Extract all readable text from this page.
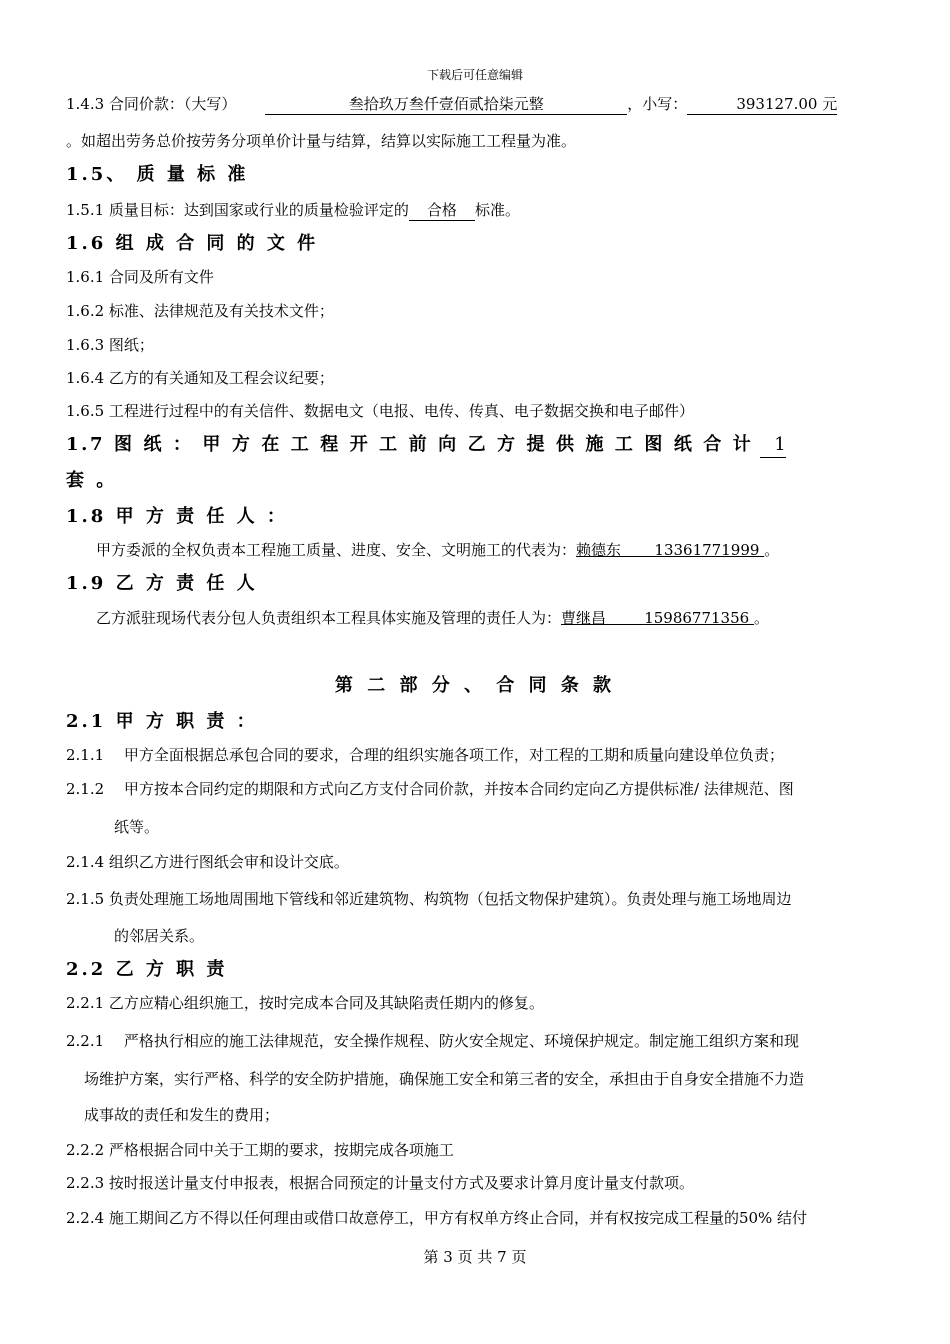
下载后可任意编辑
1.4.3 合同价款：（大写）	叁拾玖万叁仟壹佰贰拾柒元整	，小写：	393127.00 元
。如超出劳务总价按劳务分项单价计量与结算，结算以实际施工工程量为准。
1.5、 质 量 标 准
1.5.1 质量目标：达到国家或行业的质量检验评定的 合格 标准。
1.6 组 成 合 同 的 文 件
1.6.1 合同及所有文件
1.6.2 标准、法律规范及有关技术文件；
1.6.3 图纸；
1.6.4 乙方的有关通知及工程会议纪要；
1.6.5 工程进行过程中的有关信件、数据电文（电报、电传、传真、电子数据交换和电子邮件）
1.7 图 纸 ： 甲 方 在 工 程 开 工 前 向 乙 方 提 供 施 工 图 纸 合 计 1
套 。
1.8 甲 方 责 任 人 ：
甲方委派的全权负责本工程施工质量、进度、安全、文明施工的代表为：赖德东 13361771999 。
1.9 乙 方 责 任 人
乙方派驻现场代表分包人负责组织本工程具体实施及管理的责任人为：曹继昌	15986771356 。
第 二 部 分 、 合 同 条 款
2.1 甲 方 职 责 ：
2.1.1 　甲方全面根据总承包合同的要求，合理的组织实施各项工作，对工程的工期和质量向建设单位负责；
2.1.2 　甲方按本合同约定的期限和方式向乙方支付合同价款，并按本合同约定向乙方提供标准/ 法律规范、图
纸等。
2.1.4 组织乙方进行图纸会审和设计交底。
2.1.5 负责处理施工场地周围地下管线和邻近建筑物、构筑物（包括文物保护建筑）。负责处理与施工场地周边
的邻居关系。
2.2 乙 方 职 责
2.2.1 乙方应精心组织施工，按时完成本合同及其缺陷责任期内的修复。
2.2.1 　严格执行相应的施工法律规范，安全操作规程、防火安全规定、环境保护规定。制定施工组织方案和现
场维护方案，实行严格、科学的安全防护措施，确保施工安全和第三者的安全，承担由于自身安全措施不力造
成事故的责任和发生的费用；
2.2.2 严格根据合同中关于工期的要求，按期完成各项施工
2.2.3 按时报送计量支付申报表，根据合同预定的计量支付方式及要求计算月度计量支付款项。
2.2.4 施工期间乙方不得以任何理由或借口故意停工，甲方有权单方终止合同，并有权按完成工程量的50% 结付
第 3 页 共 7 页
